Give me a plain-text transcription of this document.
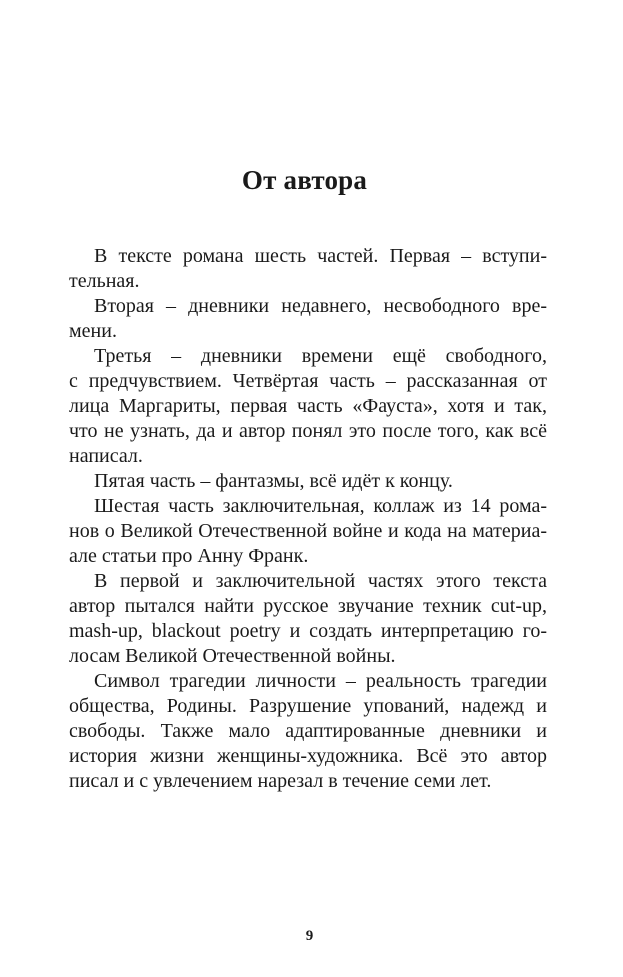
От автора
В тексте романа шесть частей. Первая – вступи-
тельная.
Вторая – дневники недавнего, несвободного вре-
мени.
Третья – дневники времени ещё свободного,
с предчувствием. Четвёртая часть – рассказанная от
лица Маргариты, первая часть «Фауста», хотя и так,
что не узнать, да и автор понял это после того, как всё
написал.
Пятая часть – фантазмы, всё идёт к концу.
Шестая часть заключительная, коллаж из 14 рома-
нов о Великой Отечественной войне и кода на материа-
але статьи про Анну Франк.
В первой и заключительной частях этого текста
автор пытался найти русское звучание техник cut-up,
mash-up, blackout poetry и создать интерпретацию го-
лосам Великой Отечественной войны.
Символ трагедии личности – реальность трагедии
общества, Родины. Разрушение упований, надежд и
свободы. Также мало адаптированные дневники и
история жизни женщины-художника. Всё это автор
писал и с увлечением нарезал в течение семи лет.
9
